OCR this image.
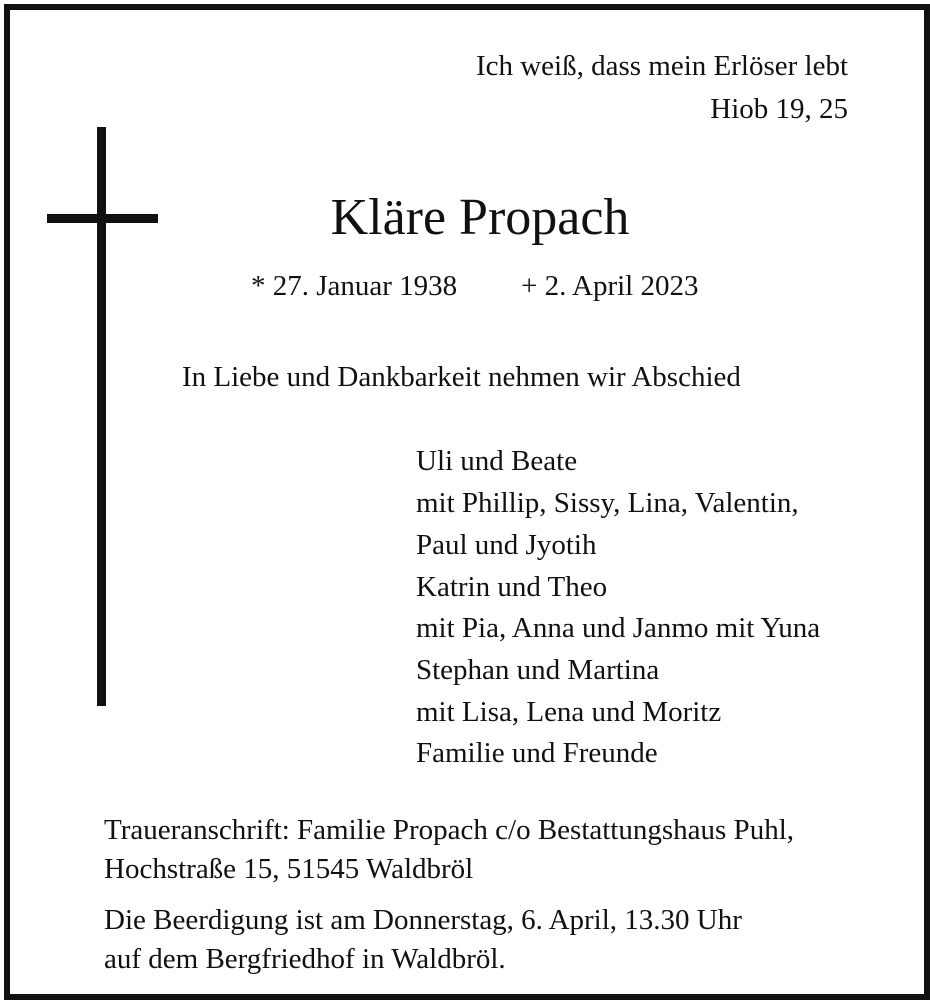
Ich weiß, dass mein Erlöser lebt
Hiob 19, 25
Kläre Propach
* 27. Januar 1938 + 2. April 2023
In Liebe und Dankbarkeit nehmen wir Abschied
Uli und Beate
mit Phillip, Sissy, Lina, Valentin,
Paul und Jyotih
Katrin und Theo
mit Pia, Anna und Janmo mit Yuna
Stephan und Martina
mit Lisa, Lena und Moritz
Familie und Freunde
Traueranschrift: Familie Propach c/o Bestattungshaus Puhl,
Hochstraße 15, 51545 Waldbröl
Die Beerdigung ist am Donnerstag, 6. April, 13.30 Uhr
auf dem Bergfriedhof in Waldbröl.
